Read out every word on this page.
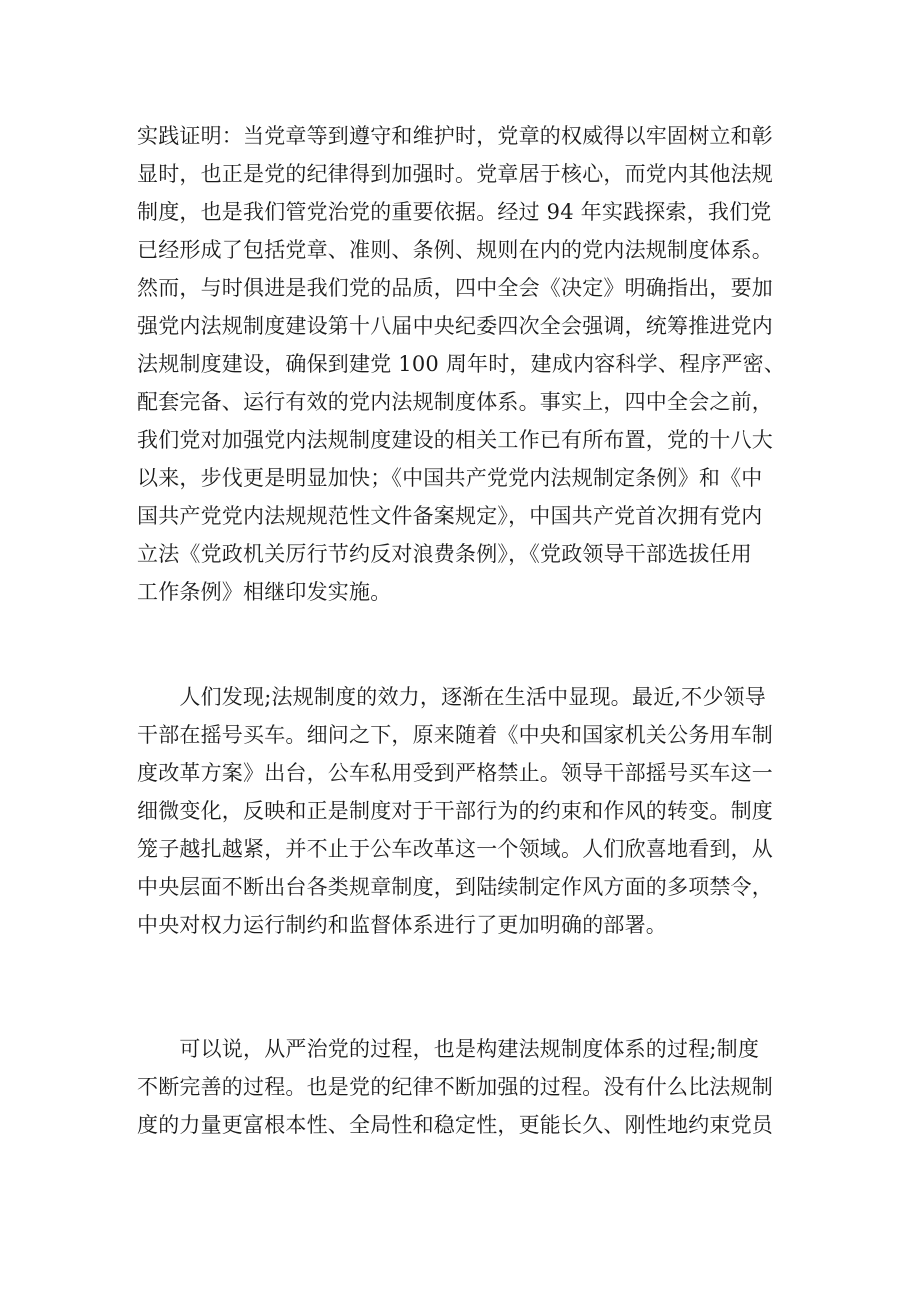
实践证明：当党章等到遵守和维护时，党章的权威得以牢固树立和彰
显时，也正是党的纪律得到加强时。党章居于核心，而党内其他法规
制度，也是我们管党治党的重要依据。经过 94 年实践探索，我们党
已经形成了包括党章、准则、条例、规则在内的党内法规制度体系。
然而，与时俱进是我们党的品质，四中全会《决定》明确指出，要加
强党内法规制度建设第十八届中央纪委四次全会强调，统筹推进党内
法规制度建设，确保到建党 100 周年时，建成内容科学、程序严密、
配套完备、运行有效的党内法规制度体系。事实上，四中全会之前，
我们党对加强党内法规制度建设的相关工作已有所布置，党的十八大
以来，步伐更是明显加快；《中国共产党党内法规制定条例》和《中
国共产党党内法规规范性文件备案规定》，中国共产党首次拥有党内
立法《党政机关厉行节约反对浪费条例》，《党政领导干部选拔任用
工作条例》相继印发实施。
　　人们发现;法规制度的效力，逐渐在生活中显现。最近,不少领导
干部在摇号买车。细问之下，原来随着《中央和国家机关公务用车制
度改革方案》出台，公车私用受到严格禁止。领导干部摇号买车这一
细微变化，反映和正是制度对于干部行为的约束和作风的转变。制度
笼子越扎越紧，并不止于公车改革这一个领域。人们欣喜地看到，从
中央层面不断出台各类规章制度，到陆续制定作风方面的多项禁令，
中央对权力运行制约和监督体系进行了更加明确的部署。
　　可以说，从严治党的过程，也是构建法规制度体系的过程;制度
不断完善的过程。也是党的纪律不断加强的过程。没有什么比法规制
度的力量更富根本性、全局性和稳定性，更能长久、刚性地约束党员
